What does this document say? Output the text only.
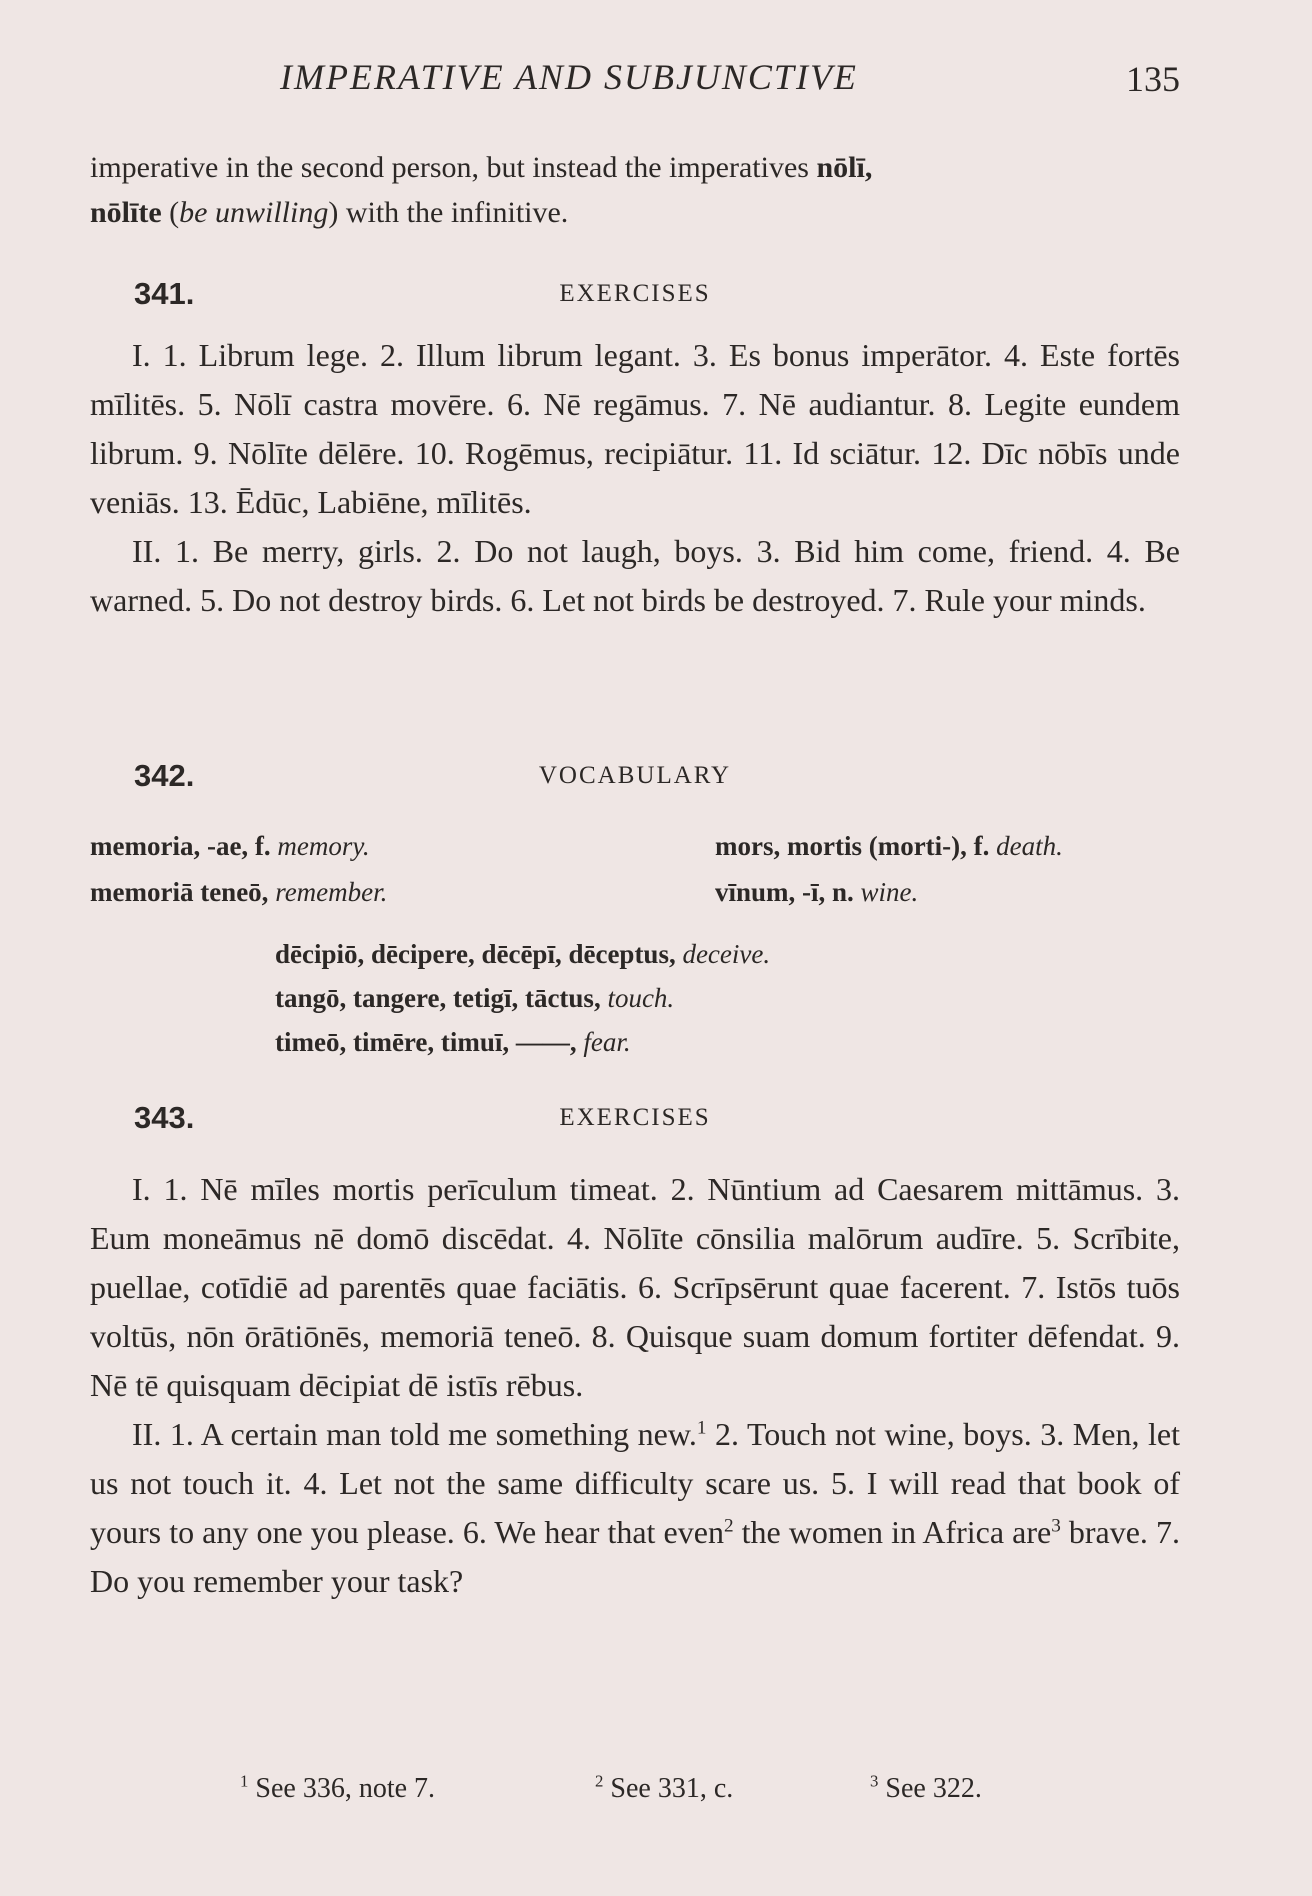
IMPERATIVE AND SUBJUNCTIVE	135
imperative in the second person, but instead the imperatives nōlī,
nōlīte (be unwilling) with the infinitive.
341.	EXERCISES

I. 1. Librum lege. 2. Illum librum legant. 3. Es bonus imperātor. 4. Este fortēs mīlitēs. 5. Nōlī castra movēre. 6. Nē regāmus. 7. Nē audiantur. 8. Legite eundem librum. 9. Nōlīte dēlēre. 10. Rogēmus, recipiātur. 11. Id sciātur. 12. Dīc nōbīs unde veniās. 13. Ēdūc, Labiēne, mīlitēs.

II. 1. Be merry, girls. 2. Do not laugh, boys. 3. Bid him come, friend. 4. Be warned. 5. Do not destroy birds. 6. Let not birds be destroyed. 7. Rule your minds.

342.	VOCABULARY
memoria, -ae, f. memory.	mors, mortis (morti-), f. death.
memoriā teneō, remember.	vīnum, -ī, n. wine.
dēcipiō, dēcipere, dēcēpī, dēceptus, deceive.
tangō, tangere, tetigī, tāctus, touch.
timeō, timēre, timuī, ——, fear.
343.	EXERCISES

I. 1. Nē mīles mortis perīculum timeat. 2. Nūntium ad Caesarem mittāmus. 3. Eum moneāmus nē domō discēdat. 4. Nōlīte cōnsilia malōrum audīre. 5. Scrībite, puellae, cotīdiē ad parentēs quae faciātis. 6. Scrīpsērunt quae facerent. 7. Istōs tuōs voltūs, nōn ōrātiōnēs, memoriā teneō. 8. Quisque suam domum fortiter dēfendat. 9. Nē tē quisquam dēcipiat dē istīs rēbus.

II. 1. A certain man told me something new.$^1$ 2. Touch not wine, boys. 3. Men, let us not touch it. 4. Let not the same difficulty scare us. 5. I will read that book of yours to any one you please. 6. We hear that even$^2$ the women in Africa are$^3$ brave. 7. Do you remember your task?

$^1$ See 336, note 7.	$^2$ See 331, c.	$^3$ See 322.
